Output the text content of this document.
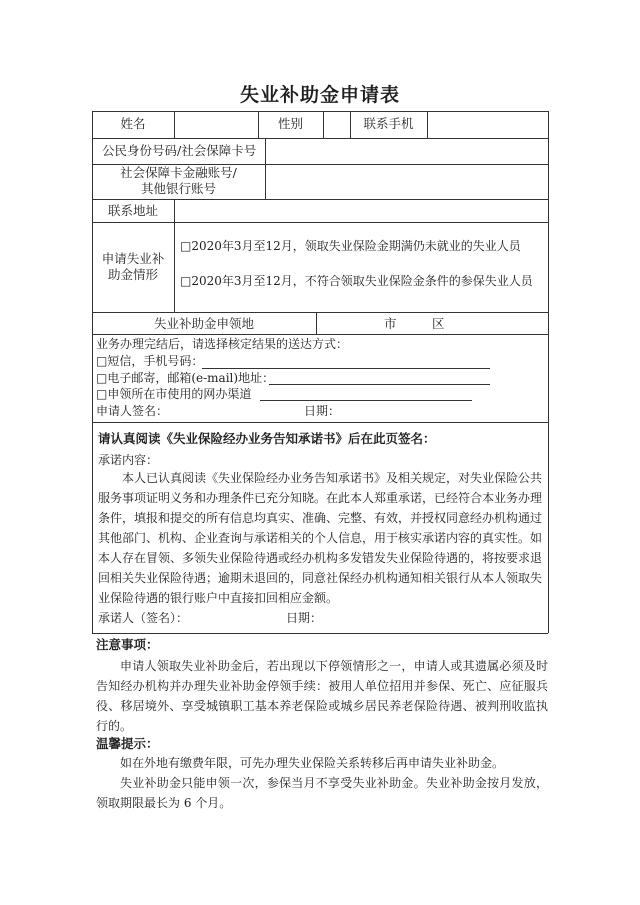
失业补助金申请表
姓名	性别	联系手机
公民身份号码/社会保障卡号
社会保障卡金融账号/
其他银行账号
联系地址
申请失业补
助金情形
□2020年3月至12月，领取失业保险金期满仍未就业的失业人员
□2020年3月至12月，不符合领取失业保险金条件的参保失业人员
失业补助金申领地	市	区
业务办理完结后，请选择核定结果的送达方式：
□短信，手机号码：
□电子邮寄，邮箱(e-mail)地址：
□申领所在市使用的网办渠道
申请人签名：	日期：
请认真阅读《失业保险经办业务告知承诺书》后在此页签名：
承诺内容：
本人已认真阅读《失业保险经办业务告知承诺书》及相关规定，对失业保险公共服务事项证明义务和办理条件已充分知晓。在此本人郑重承诺，已经符合本业务办理条件，填报和提交的所有信息均真实、准确、完整、有效，并授权同意经办机构通过其他部门、机构、企业查询与承诺相关的个人信息，用于核实承诺内容的真实性。如本人存在冒领、多领失业保险待遇或经办机构多发错发失业保险待遇的，将按要求退回相关失业保险待遇；逾期未退回的，同意社保经办机构通知相关银行从本人领取失业保险待遇的银行账户中直接扣回相应金额。
承诺人（签名）：	日期：
注意事项：
申请人领取失业补助金后，若出现以下停领情形之一，申请人或其遗属必须及时告知经办机构并办理失业补助金停领手续：被用人单位招用并参保、死亡、应征服兵役、移居境外、享受城镇职工基本养老保险或城乡居民养老保险待遇、被判刑收监执行的。
温馨提示：
如在外地有缴费年限，可先办理失业保险关系转移后再申请失业补助金。
失业补助金只能申领一次，参保当月不享受失业补助金。失业补助金按月发放，领取期限最长为 6 个月。
